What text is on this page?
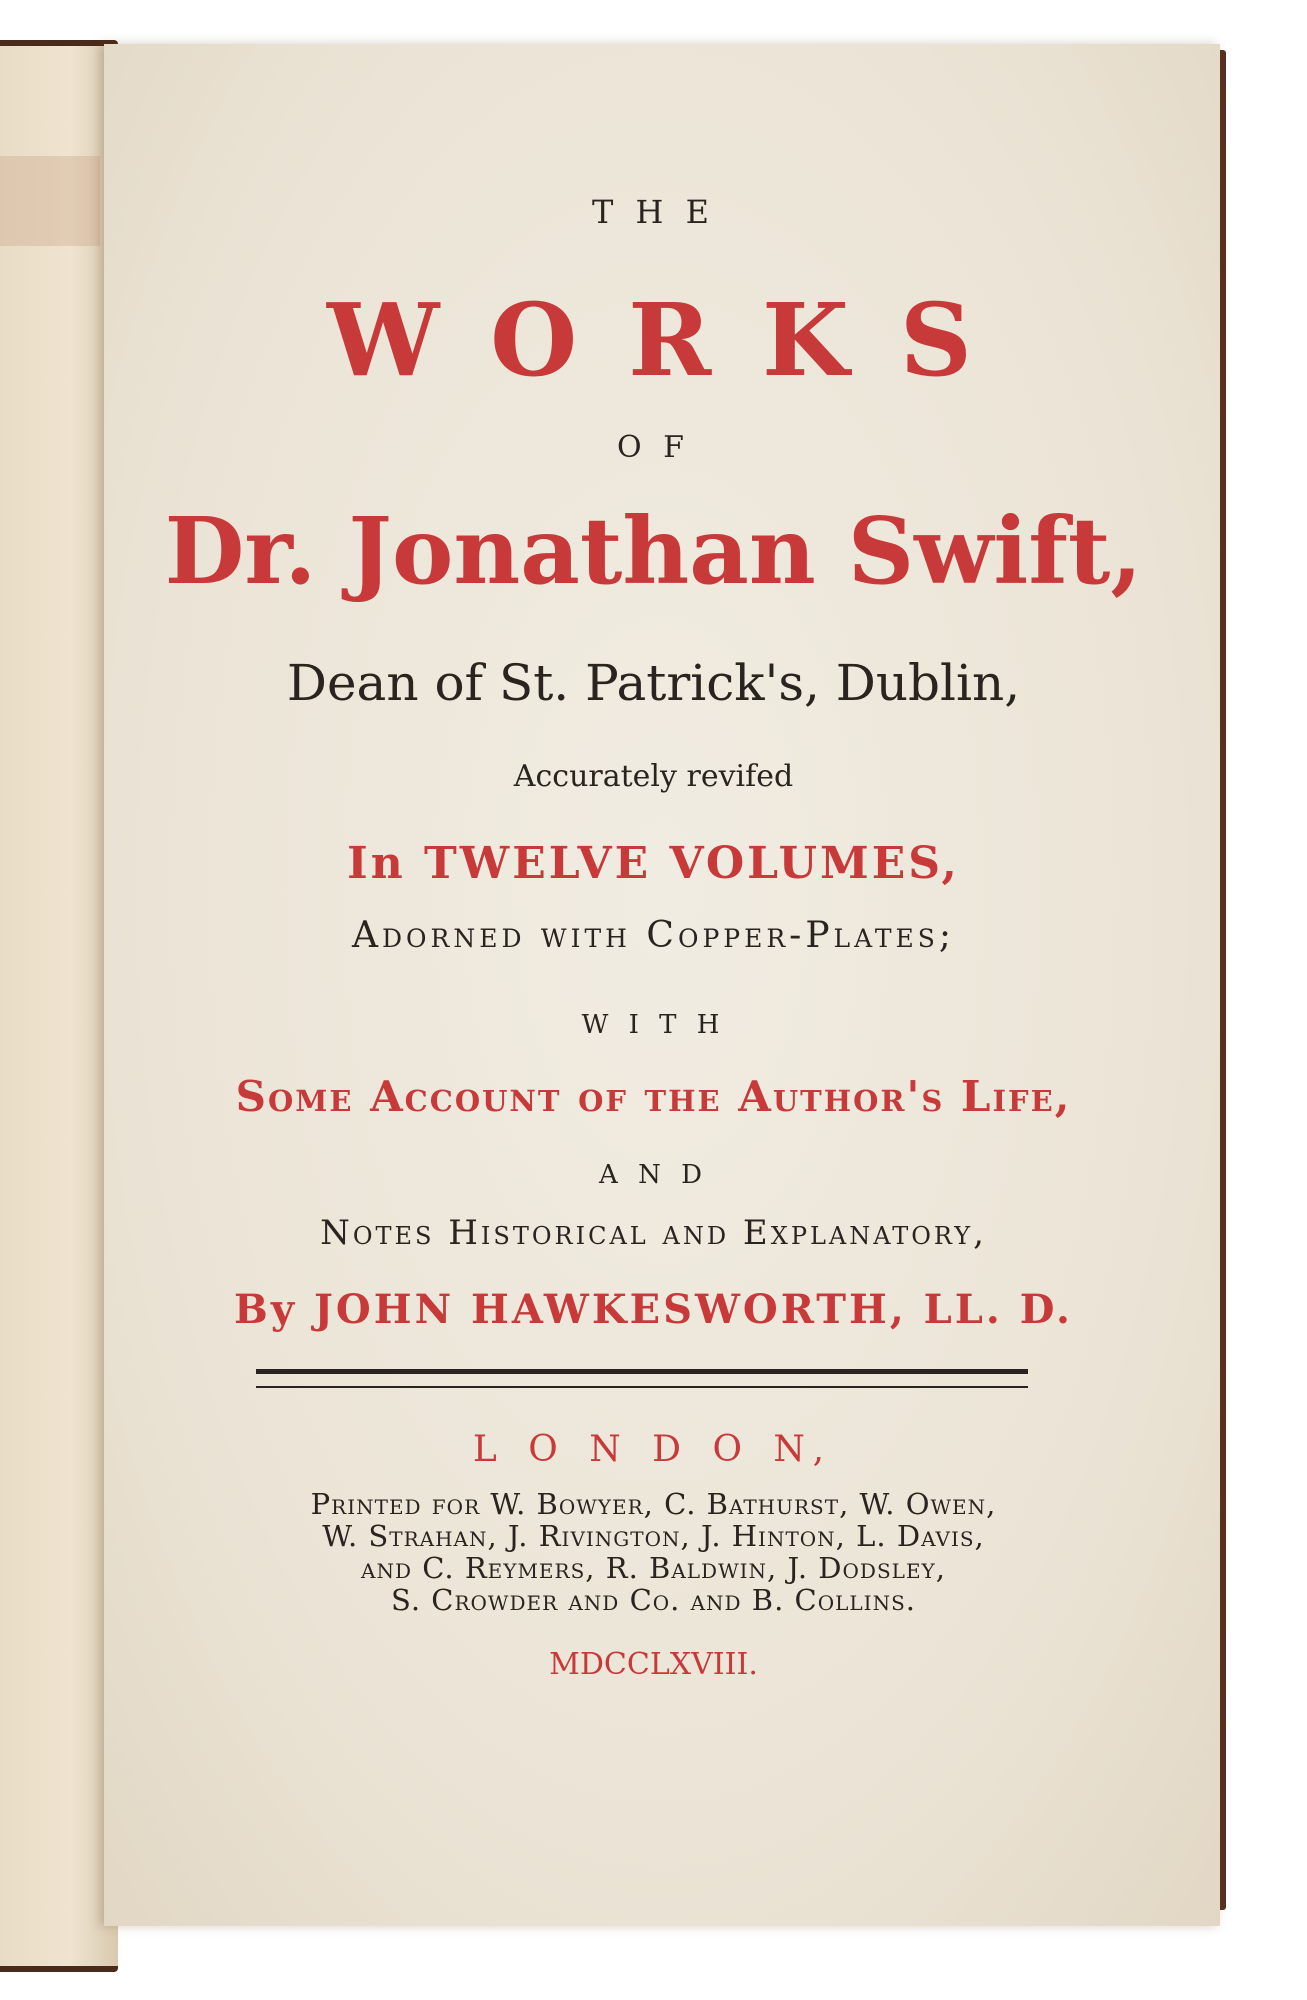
T H E
W O R K S
O F
Dr. Jonathan Swift,
Dean of St. Patrick's, Dublin,
Accurately revifed
In TWELVE VOLUMES,
Adorned with Copper-Plates;
W I T H
Some Account of the Author's Life,
A N D
Notes Historical and Explanatory,
By JOHN HAWKESWORTH, LL. D.
L O N D O N,
Printed for W. Bowyer, C. Bathurst, W. Owen,
W. Strahan, J. Rivington, J. Hinton, L. Davis,
and C. Reymers, R. Baldwin, J. Dodsley,
S. Crowder and Co. and B. Collins.
MDCCLXVIII.
